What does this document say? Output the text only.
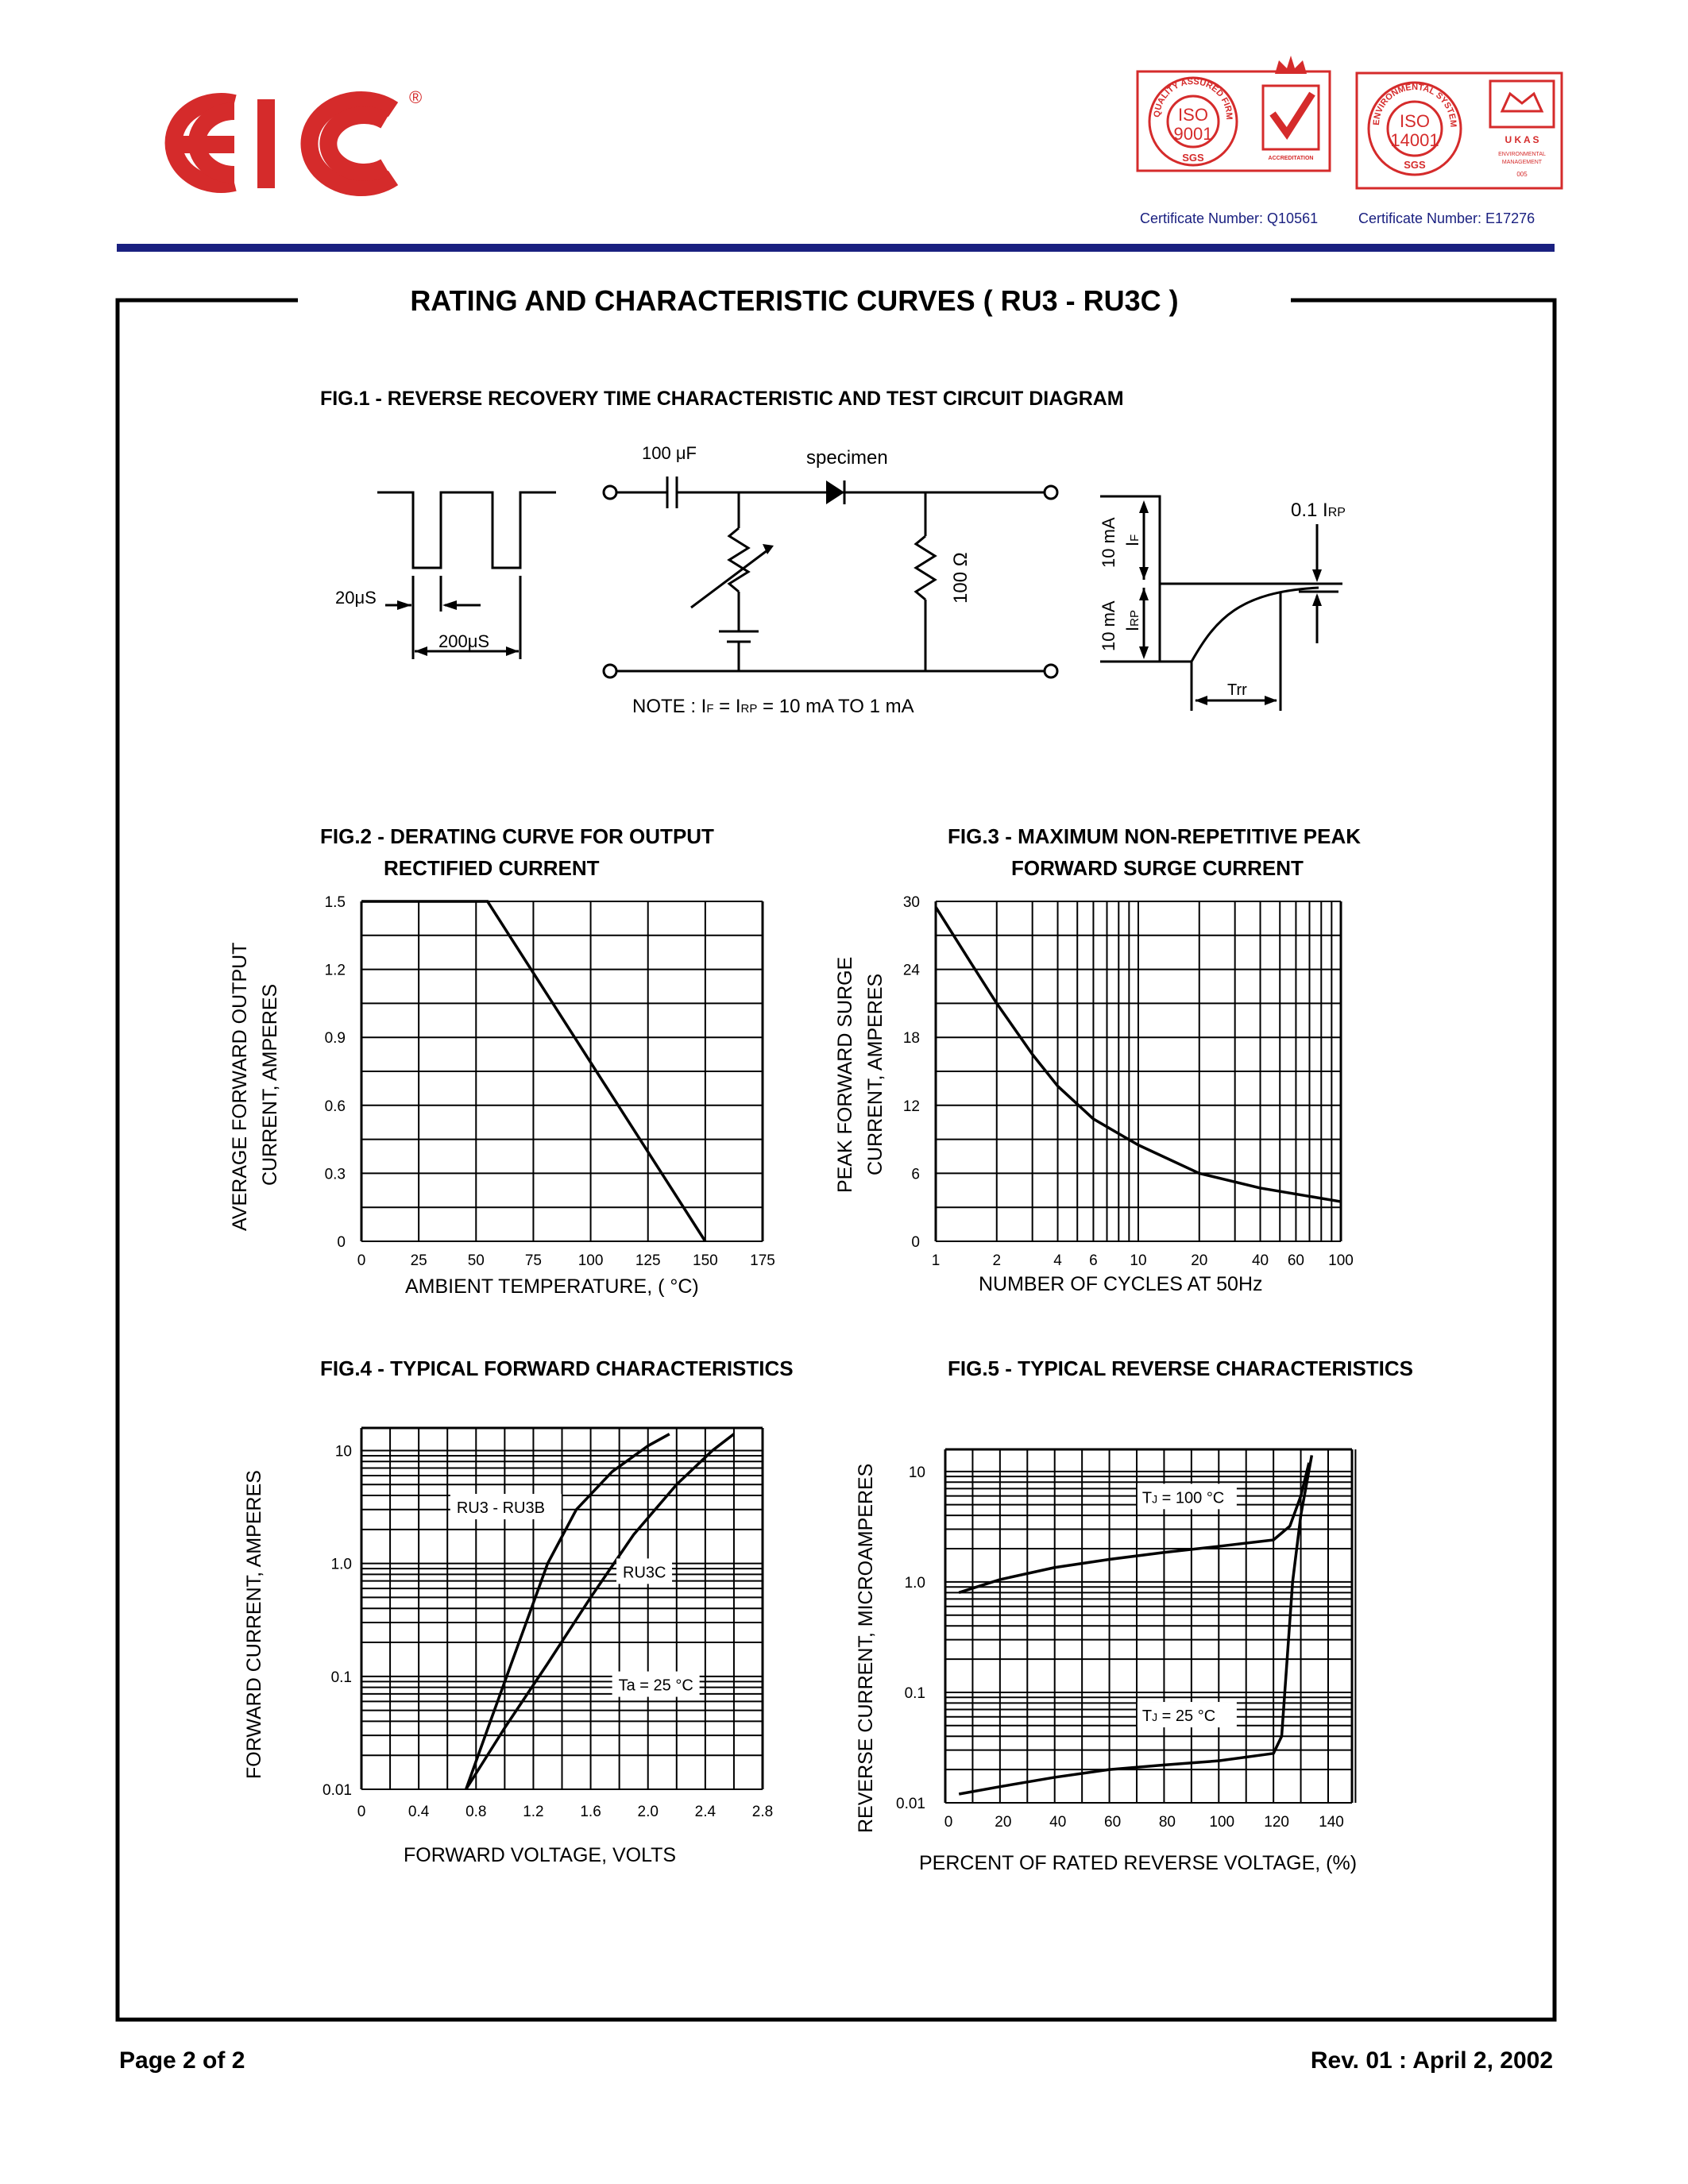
®
QUALITY ASSURED FIRM
ISO
9001
SGS	ACCREDITATION
ENVIRONMENTAL SYSTEM
ISO
14001
SGS
U K A S
ENVIRONMENTAL
MANAGEMENT
005
Certificate Number: Q10561	Certificate Number: E17276
RATING AND CHARACTERISTIC CURVES ( RU3 - RU3C )
FIG.1 - REVERSE RECOVERY TIME CHARACTERISTIC AND TEST CIRCUIT DIAGRAM
100 μF	specimen
20μS
200μS
100 Ω
0.1 IRP
10 mA IF
10 mA IRP
Trr
NOTE : IF = IRP = 10 mA TO 1 mA
FIG.2 - DERATING CURVE FOR OUTPUT
RECTIFIED CURRENT
AVERAGE FORWARD OUTPUT CURRENT, AMPERES
AMBIENT TEMPERATURE, ( °C)
0	25	50	75 100 125 150 175
0
0.3
0.6
0.9
1.2
1.5
FIG.3 - MAXIMUM NON-REPETITIVE PEAK
FORWARD SURGE CURRENT
PEAK FORWARD SURGE CURRENT, AMPERES
NUMBER OF CYCLES AT 50Hz
1	2	4 6 10	20	40 60 100
0
6
12
18
24
30
FIG.4 - TYPICAL FORWARD CHARACTERISTICS
FORWARD CURRENT, AMPERES
FORWARD VOLTAGE, VOLTS
0	0.4 0.8 1.2 1.6 2.0 2.4 2.8
0.01
0.1
1.0
10
RU3 - RU3B
RU3C
Ta = 25 °C
FIG.5 - TYPICAL REVERSE CHARACTERISTICS
REVERSE CURRENT, MICROAMPERES
PERCENT OF RATED REVERSE VOLTAGE, (%)
0	20	40	60	80 100 120 140
0.01
0.1
1.0
10
TJ = 100 °C
TJ = 25 °C
Page 2 of 2	Rev. 01 : April 2, 2002
